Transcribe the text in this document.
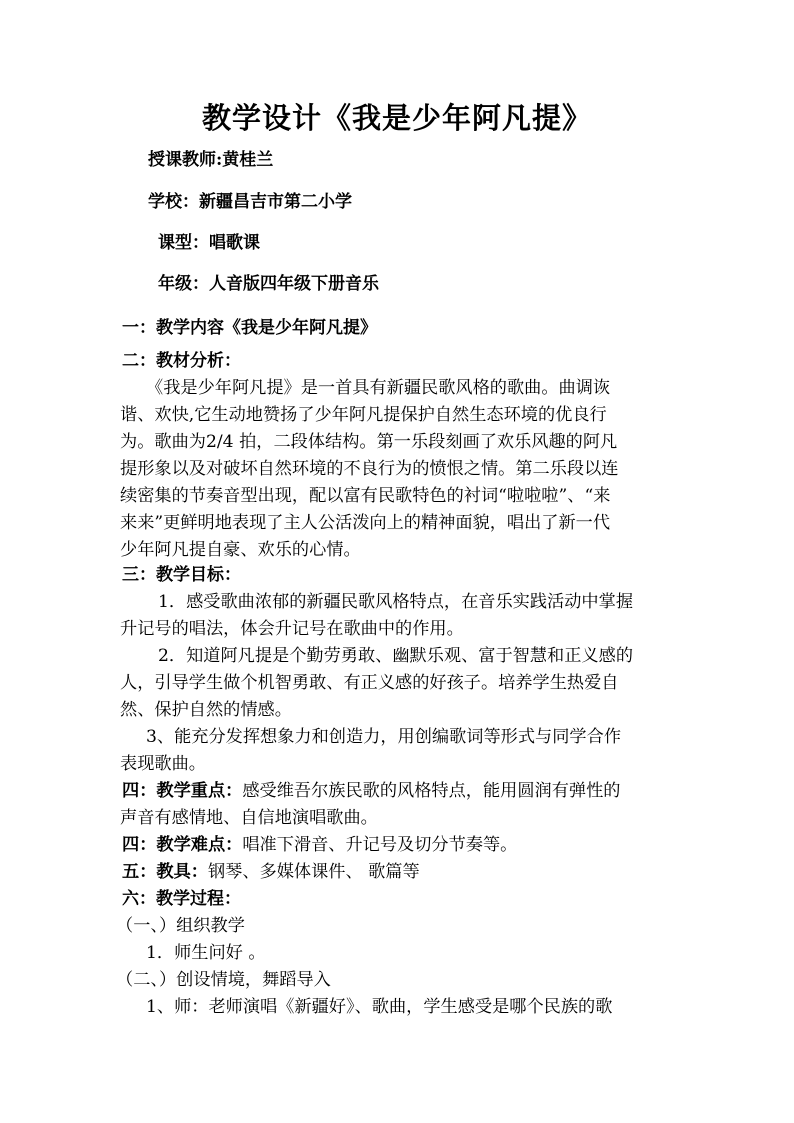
教学设计《我是少年阿凡提》
授课教师:黄桂兰
学校：新疆昌吉市第二小学
课型：唱歌课
年级：人音版四年级下册音乐
一：教学内容《我是少年阿凡提》
二：教材分析：
《我是少年阿凡提》是一首具有新疆民歌风格的歌曲。曲调诙
谐、欢快,它生动地赞扬了少年阿凡提保护自然生态环境的优良行
为。歌曲为2/4 拍，二段体结构。第一乐段刻画了欢乐风趣的阿凡
提形象以及对破坏自然环境的不良行为的愤恨之情。第二乐段以连
续密集的节奏音型出现，配以富有民歌特色的衬词“啦啦啦”、“来
来来”更鲜明地表现了主人公活泼向上的精神面貌，唱出了新一代
少年阿凡提自豪、欢乐的心情。
三：教学目标：
1．感受歌曲浓郁的新疆民歌风格特点，在音乐实践活动中掌握
升记号的唱法，体会升记号在歌曲中的作用。
2．知道阿凡提是个勤劳勇敢、幽默乐观、富于智慧和正义感的
人，引导学生做个机智勇敢、有正义感的好孩子。培养学生热爱自
然、保护自然的情感。
3、能充分发挥想象力和创造力，用创编歌词等形式与同学合作
表现歌曲。
四：教学重点：感受维吾尔族民歌的风格特点，能用圆润有弹性的
声音有感情地、自信地演唱歌曲。
四：教学难点：唱准下滑音、升记号及切分节奏等。
五：教具：钢琴、多媒体课件、 歌篇等
六：教学过程：
（一、）组织教学
1．师生问好 。
（二、）创设情境，舞蹈导入
1、师：老师演唱《新疆好》、歌曲，学生感受是哪个民族的歌
